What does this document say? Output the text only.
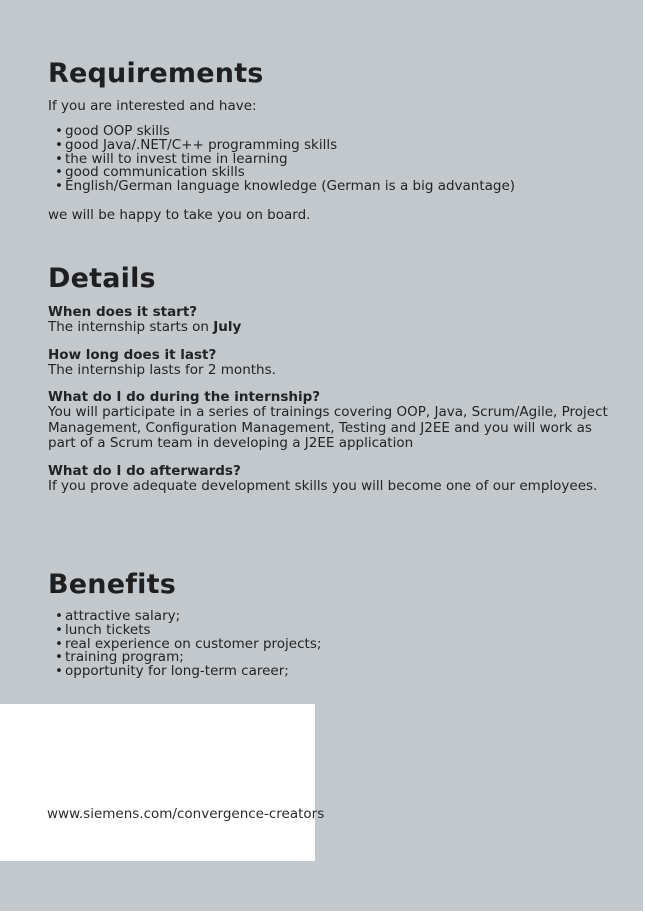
Requirements

If you are interested and have:

• good OOP skills
• good Java/.NET/C++ programming skills
• the will to invest time in learning
• good communication skills
• English/German language knowledge (German is a big advantage)

we will be happy to take you on board.

Details

When does it start?

The internship starts on July

How long does it last?

The internship lasts for 2 months.

What do I do during the internship?

You will participate in a series of trainings covering OOP, Java, Scrum/Agile, Project Management, Configuration Management, Testing and J2EE and you will work as part of a Scrum team in developing a J2EE application

What do I do afterwards?

If you prove adequate development skills you will become one of our employees.

Benefits
• attractive salary;
• lunch tickets
• real experience on customer projects;
• training program;
• opportunity for long-term career;
www.siemens.com/convergence-creators
